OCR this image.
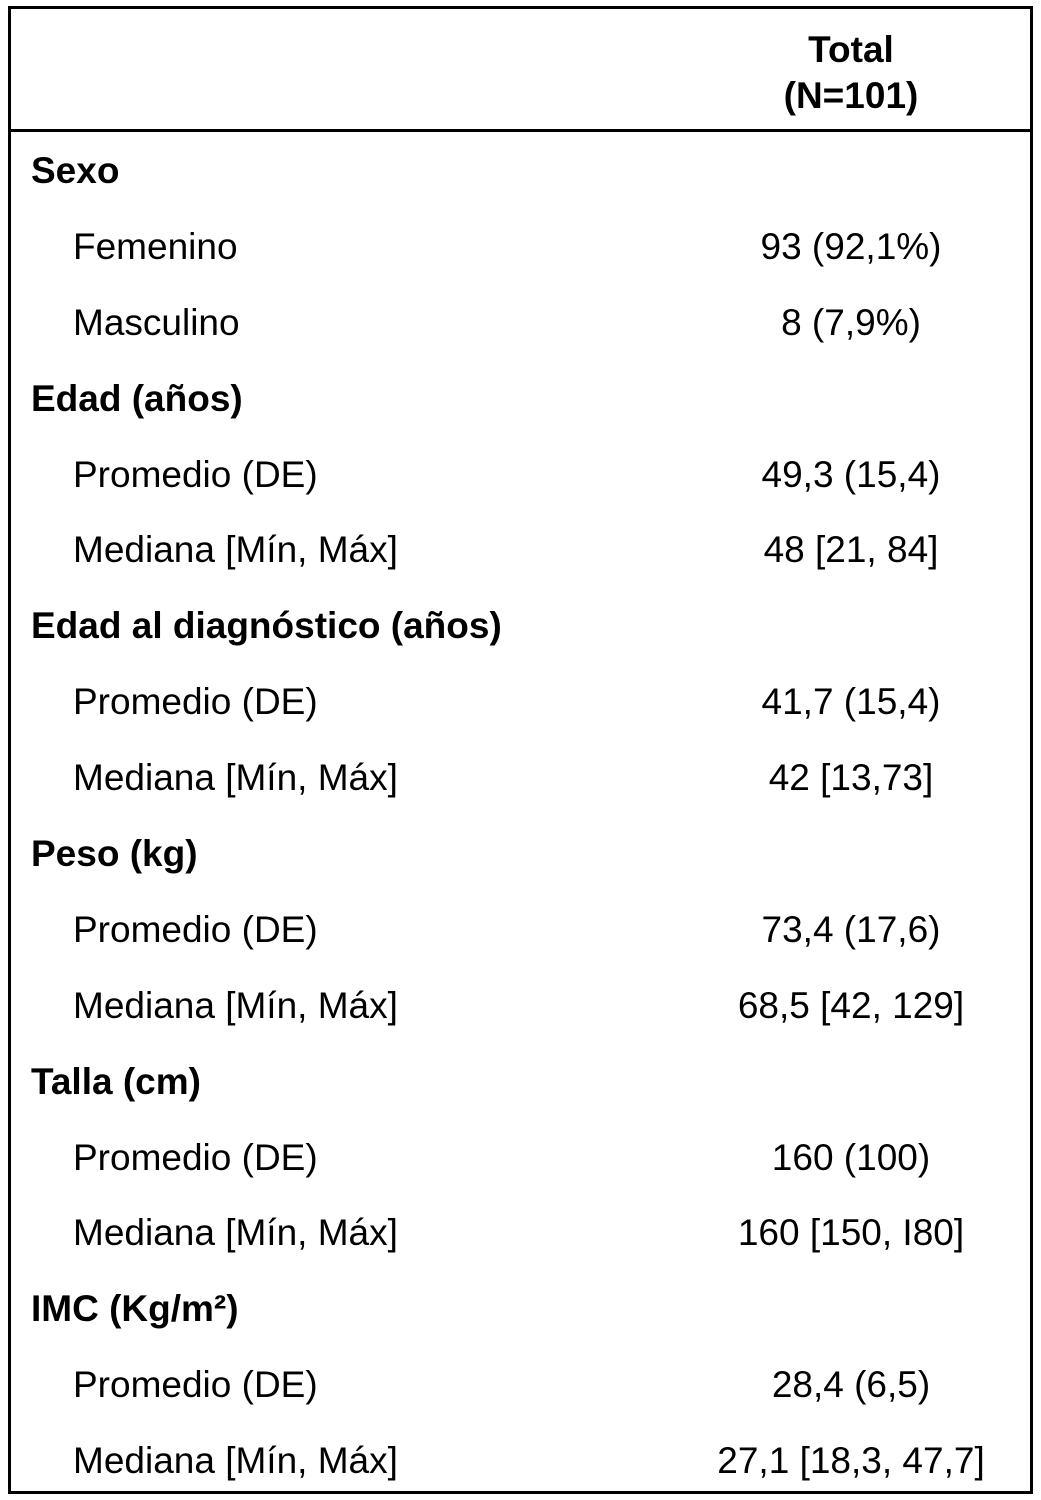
Total
(N=101)
Sexo
Femenino	93 (92,1%)
Masculino	8 (7,9%)
Edad (años)
Promedio (DE)	49,3 (15,4)
Mediana [Mín, Máx]	48 [21, 84]
Edad al diagnóstico (años)
Promedio (DE)	41,7 (15,4)
Mediana [Mín, Máx]	42 [13,73]
Peso (kg)
Promedio (DE)	73,4 (17,6)
Mediana [Mín, Máx]	68,5 [42, 129]
Talla (cm)
Promedio (DE)	160 (100)
Mediana [Mín, Máx]	160 [150, I80]
IMC (Kg/m²)
Promedio (DE)	28,4 (6,5)
Mediana [Mín, Máx]	27,1 [18,3, 47,7]
